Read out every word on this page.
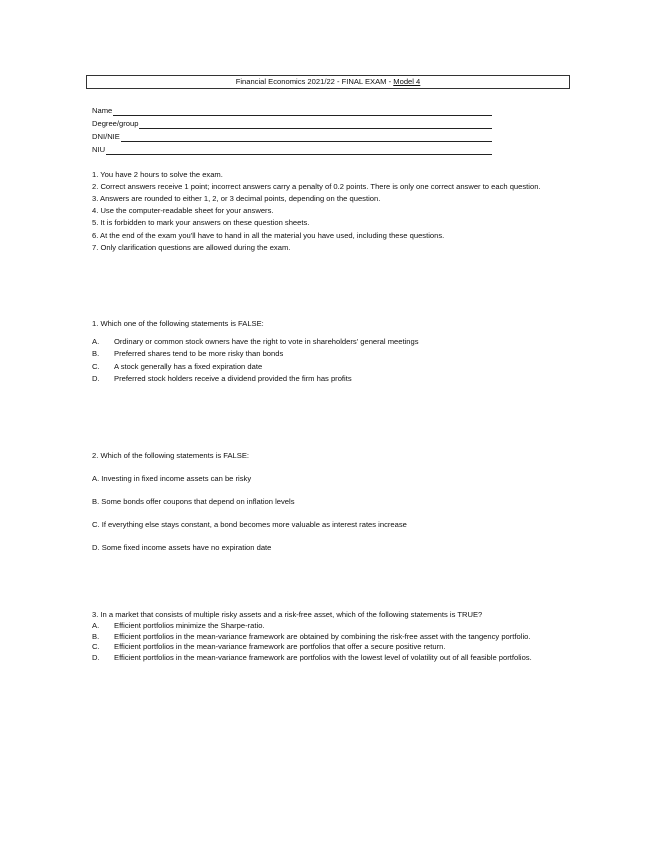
Financial Economics 2021/22 - FINAL EXAM - Model 4
Name
Degree/group
DNI/NIE
NIU

1. You have 2 hours to solve the exam.

2. Correct answers receive 1 point; incorrect answers carry a penalty of 0.2 points. There is only one correct answer to each question.

3. Answers are rounded to either 1, 2, or 3 decimal points, depending on the question.

4. Use the computer-readable sheet for your answers.

5. It is forbidden to mark your answers on these question sheets.

6. At the end of the exam you'll have to hand in all the material you have used, including these questions.

7. Only clarification questions are allowed during the exam.

1. Which one of the following statements is FALSE:

A.	Ordinary or common stock owners have the right to vote in shareholders' general meetings
B.	Preferred shares tend to be more risky than bonds
C.	A stock generally has a fixed expiration date
D.	Preferred stock holders receive a dividend provided the firm has profits

2. Which of the following statements is FALSE:

A. Investing in fixed income assets can be risky

B. Some bonds offer coupons that depend on inflation levels

C. If everything else stays constant, a bond becomes more valuable as interest rates increase

D. Some fixed income assets have no expiration date

3. In a market that consists of multiple risky assets and a risk-free asset, which of the following statements is TRUE?

A.	Efficient portfolios minimize the Sharpe-ratio.
B.	Efficient portfolios in the mean-variance framework are obtained by combining the risk-free asset with the tangency portfolio.
C.	Efficient portfolios in the mean-variance framework are portfolios that offer a secure positive return.
D.	Efficient portfolios in the mean-variance framework are portfolios with the lowest level of volatility out of all feasible portfolios.
